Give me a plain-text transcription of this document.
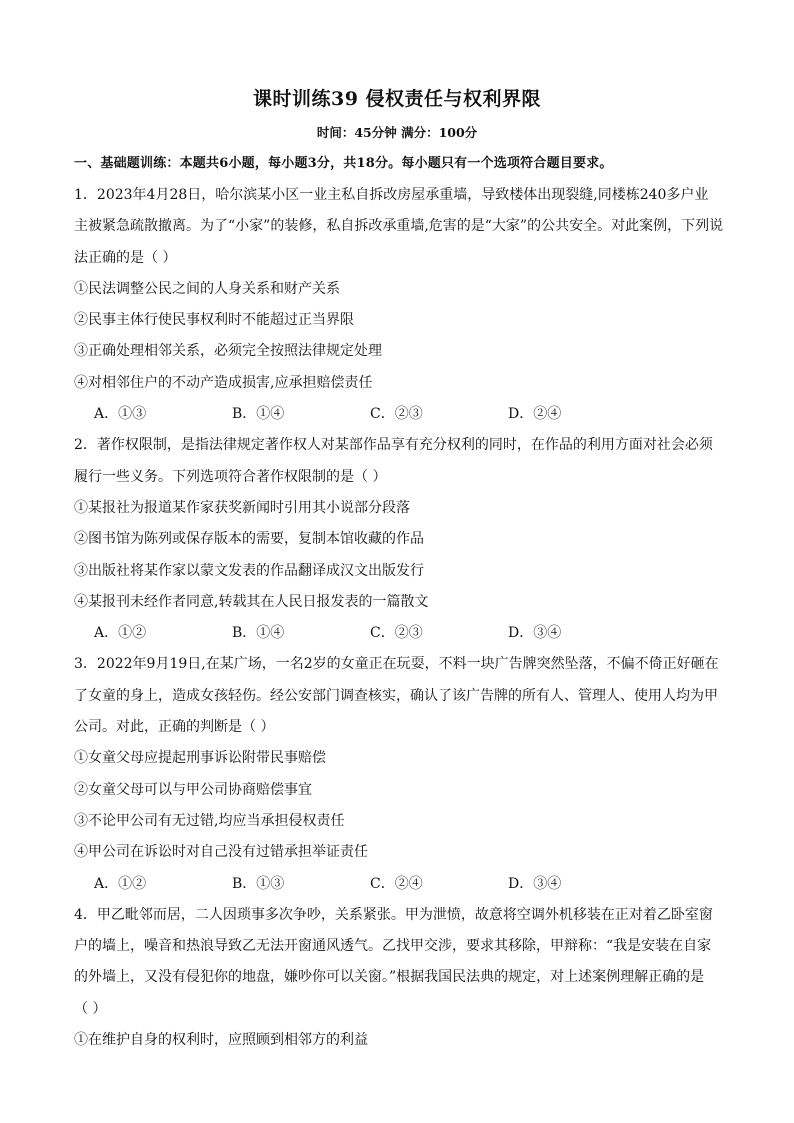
课时训练39 侵权责任与权利界限
时间：45分钟 满分：100分
一、基础题训练：本题共6小题，每小题3分，共18分。每小题只有一个选项符合题目要求。
1．2023年4月28日，哈尔滨某小区一业主私自拆改房屋承重墙，导致楼体出现裂缝,同楼栋240多户业
主被紧急疏散撤离。为了“小家”的装修，私自拆改承重墙,危害的是“大家”的公共安全。对此案例，下列说
法正确的是（ ）
①民法调整公民之间的人身关系和财产关系
②民事主体行使民事权利时不能超过正当界限
③正确处理相邻关系，必须完全按照法律规定处理
④对相邻住户的不动产造成损害,应承担赔偿责任
A．①③	B．①④	C．②③	D．②④
2．著作权限制，是指法律规定著作权人对某部作品享有充分权利的同时，在作品的利用方面对社会必须
履行一些义务。下列选项符合著作权限制的是（ ）
①某报社为报道某作家获奖新闻时引用其小说部分段落
②图书馆为陈列或保存版本的需要，复制本馆收藏的作品
③出版社将某作家以蒙文发表的作品翻译成汉文出版发行
④某报刊未经作者同意,转载其在人民日报发表的一篇散文
A．①②	B．①④	C．②③	D．③④
3．2022年9月19日,在某广场，一名2岁的女童正在玩耍，不料一块广告牌突然坠落，不偏不倚正好砸在
了女童的身上，造成女孩轻伤。经公安部门调查核实，确认了该广告牌的所有人、管理人、使用人均为甲
公司。对此，正确的判断是（ ）
①女童父母应提起刑事诉讼附带民事赔偿
②女童父母可以与甲公司协商赔偿事宜
③不论甲公司有无过错,均应当承担侵权责任
④甲公司在诉讼时对自己没有过错承担举证责任
A．①②	B．①③	C．②④	D．③④
4．甲乙毗邻而居，二人因琐事多次争吵，关系紧张。甲为泄愤，故意将空调外机移装在正对着乙卧室窗
户的墙上，噪音和热浪导致乙无法开窗通风透气。乙找甲交涉，要求其移除，甲辩称：“我是安装在自家
的外墙上，又没有侵犯你的地盘，嫌吵你可以关窗。”根据我国民法典的规定，对上述案例理解正确的是
（ ）
①在维护自身的权利时，应照顾到相邻方的利益
